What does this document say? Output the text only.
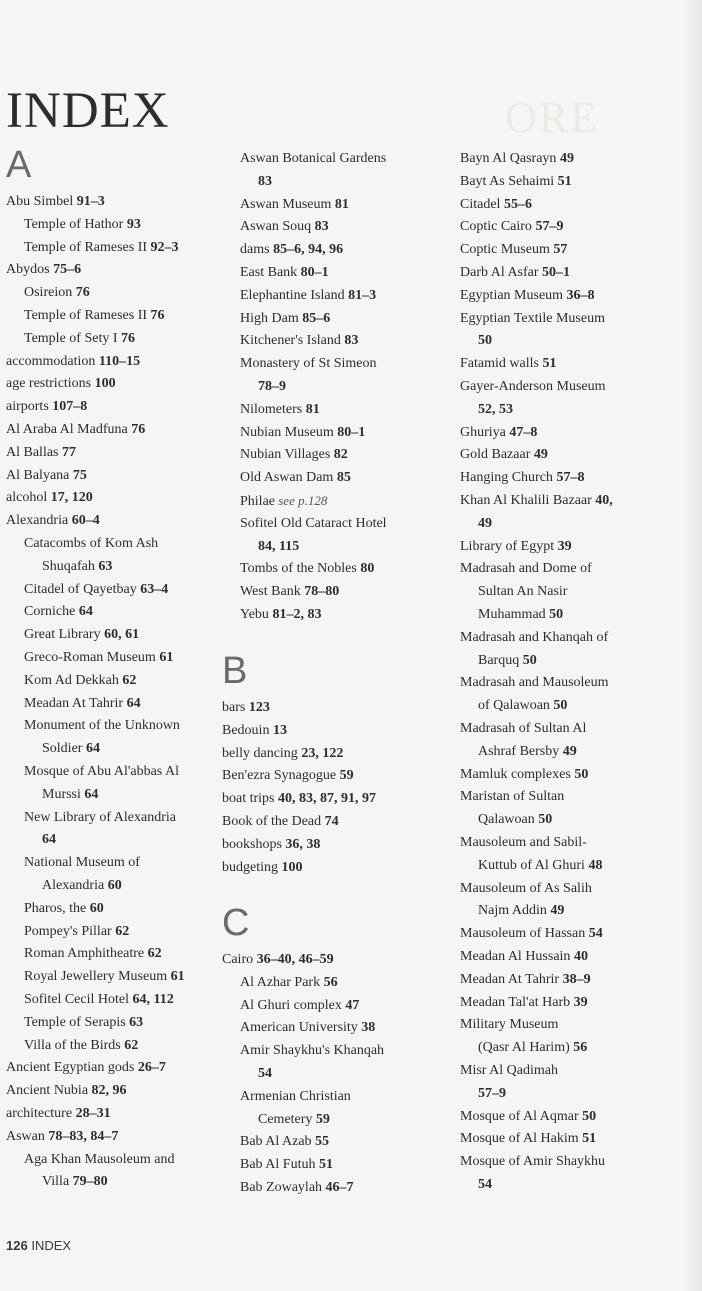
ORE
INDEX
A
Abu Simbel 91–3
Temple of Hathor 93
Temple of Rameses II 92–3
Abydos 75–6
Osireion 76
Temple of Rameses II 76
Temple of Sety I 76
accommodation 110–15
age restrictions 100
airports 107–8
Al Araba Al Madfuna 76
Al Ballas 77
Al Balyana 75
alcohol 17, 120
Alexandria 60–4
Catacombs of Kom Ash
Shuqafah 63
Citadel of Qayetbay 63–4
Corniche 64
Great Library 60, 61
Greco-Roman Museum 61
Kom Ad Dekkah 62
Meadan At Tahrir 64
Monument of the Unknown
Soldier 64
Mosque of Abu Al'abbas Al
Murssi 64
New Library of Alexandria
64
National Museum of
Alexandria 60
Pharos, the 60
Pompey's Pillar 62
Roman Amphitheatre 62
Royal Jewellery Museum 61
Sofitel Cecil Hotel 64, 112
Temple of Serapis 63
Villa of the Birds 62
Ancient Egyptian gods 26–7
Ancient Nubia 82, 96
architecture 28–31
Aswan 78–83, 84–7
Aga Khan Mausoleum and
Villa 79–80
Aswan Botanical Gardens
83
Aswan Museum 81
Aswan Souq 83
dams 85–6, 94, 96
East Bank 80–1
Elephantine Island 81–3
High Dam 85–6
Kitchener's Island 83
Monastery of St Simeon
78–9
Nilometers 81
Nubian Museum 80–1
Nubian Villages 82
Old Aswan Dam 85
Philae see p.128
Sofitel Old Cataract Hotel
84, 115
Tombs of the Nobles 80
West Bank 78–80
Yebu 81–2, 83
B
bars 123
Bedouin 13
belly dancing 23, 122
Ben'ezra Synagogue 59
boat trips 40, 83, 87, 91, 97
Book of the Dead 74
bookshops 36, 38
budgeting 100
C
Cairo 36–40, 46–59
Al Azhar Park 56
Al Ghuri complex 47
American University 38
Amir Shaykhu's Khanqah
54
Armenian Christian
Cemetery 59
Bab Al Azab 55
Bab Al Futuh 51
Bab Zowaylah 46–7
Bayn Al Qasrayn 49
Bayt As Sehaimi 51
Citadel 55–6
Coptic Cairo 57–9
Coptic Museum 57
Darb Al Asfar 50–1
Egyptian Museum 36–8
Egyptian Textile Museum
50
Fatamid walls 51
Gayer-Anderson Museum
52, 53
Ghuriya 47–8
Gold Bazaar 49
Hanging Church 57–8
Khan Al Khalili Bazaar 40,
49
Library of Egypt 39
Madrasah and Dome of
Sultan An Nasir
Muhammad 50
Madrasah and Khanqah of
Barquq 50
Madrasah and Mausoleum
of Qalawoan 50
Madrasah of Sultan Al
Ashraf Bersby 49
Mamluk complexes 50
Maristan of Sultan
Qalawoan 50
Mausoleum and Sabil-
Kuttub of Al Ghuri 48
Mausoleum of As Salih
Najm Addin 49
Mausoleum of Hassan 54
Meadan Al Hussain 40
Meadan At Tahrir 38–9
Meadan Tal'at Harb 39
Military Museum
(Qasr Al Harim) 56
Misr Al Qadimah
57–9
Mosque of Al Aqmar 50
Mosque of Al Hakim 51
Mosque of Amir Shaykhu
54
126 INDEX
